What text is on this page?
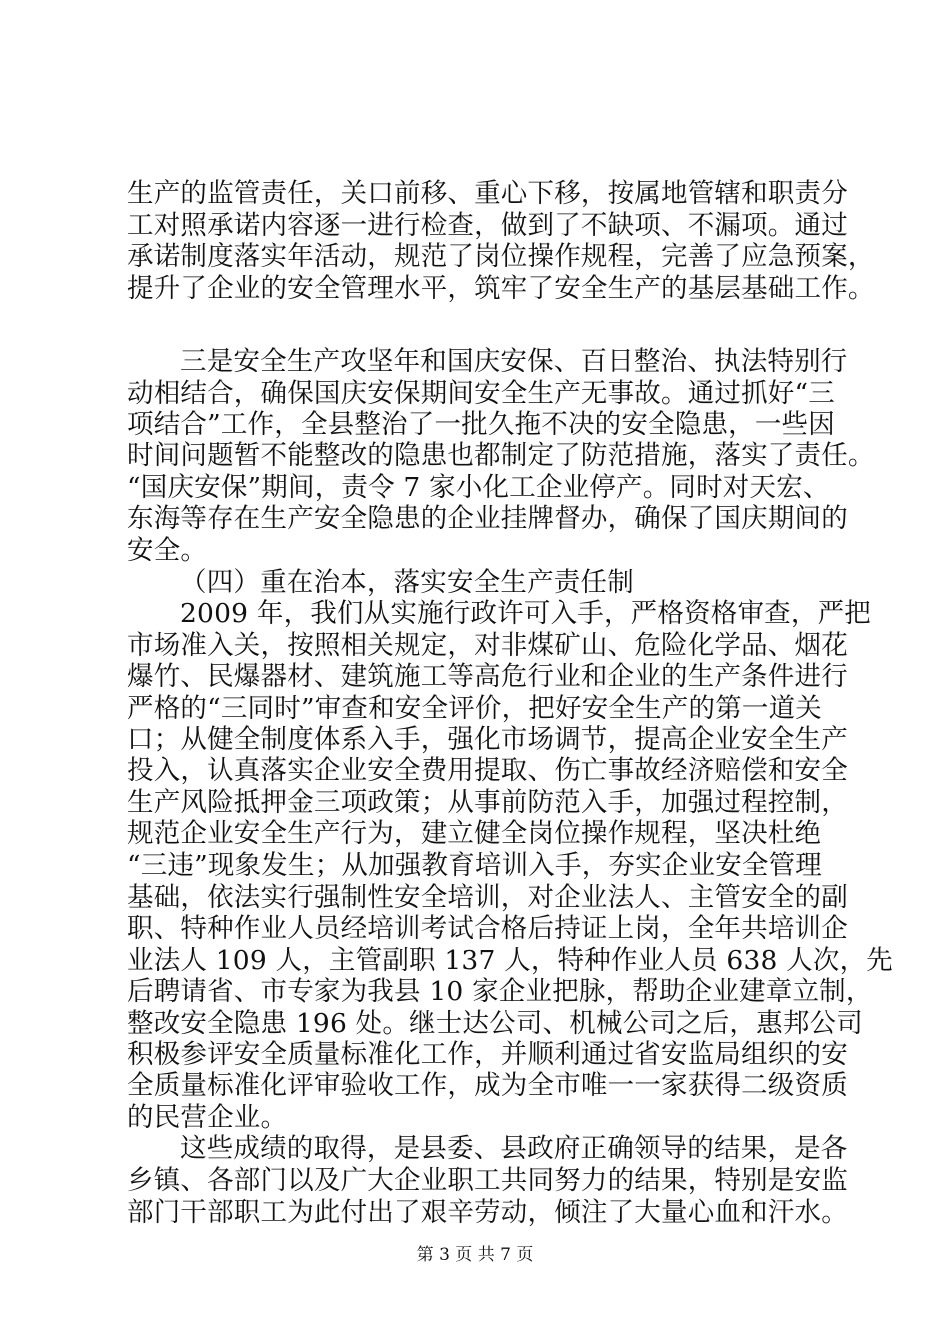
生产的监管责任，关口前移、重心下移，按属地管辖和职责分
工对照承诺内容逐一进行检查，做到了不缺项、不漏项。通过
承诺制度落实年活动，规范了岗位操作规程，完善了应急预案，
提升了企业的安全管理水平，筑牢了安全生产的基层基础工作。
三是安全生产攻坚年和国庆安保、百日整治、执法特别行
动相结合，确保国庆安保期间安全生产无事故。通过抓好“三
项结合”工作，全县整治了一批久拖不决的安全隐患，一些因
时间问题暂不能整改的隐患也都制定了防范措施，落实了责任。
“国庆安保”期间，责令 7 家小化工企业停产。同时对天宏、
东海等存在生产安全隐患的企业挂牌督办，确保了国庆期间的
安全。
（四）重在治本，落实安全生产责任制
2009 年，我们从实施行政许可入手，严格资格审查，严把
市场准入关，按照相关规定，对非煤矿山、危险化学品、烟花
爆竹、民爆器材、建筑施工等高危行业和企业的生产条件进行
严格的“三同时”审查和安全评价，把好安全生产的第一道关
口；从健全制度体系入手，强化市场调节，提高企业安全生产
投入，认真落实企业安全费用提取、伤亡事故经济赔偿和安全
生产风险抵押金三项政策；从事前防范入手，加强过程控制，
规范企业安全生产行为，建立健全岗位操作规程，坚决杜绝
“三违”现象发生；从加强教育培训入手，夯实企业安全管理
基础，依法实行强制性安全培训，对企业法人、主管安全的副
职、特种作业人员经培训考试合格后持证上岗，全年共培训企
业法人 109 人，主管副职 137 人，特种作业人员 638 人次，先
后聘请省、市专家为我县 10 家企业把脉，帮助企业建章立制，
整改安全隐患 196 处。继士达公司、机械公司之后，惠邦公司
积极参评安全质量标准化工作，并顺利通过省安监局组织的安
全质量标准化评审验收工作，成为全市唯一一家获得二级资质
的民营企业。
这些成绩的取得，是县委、县政府正确领导的结果，是各
乡镇、各部门以及广大企业职工共同努力的结果，特别是安监
部门干部职工为此付出了艰辛劳动，倾注了大量心血和汗水。
第 3 页 共 7 页
